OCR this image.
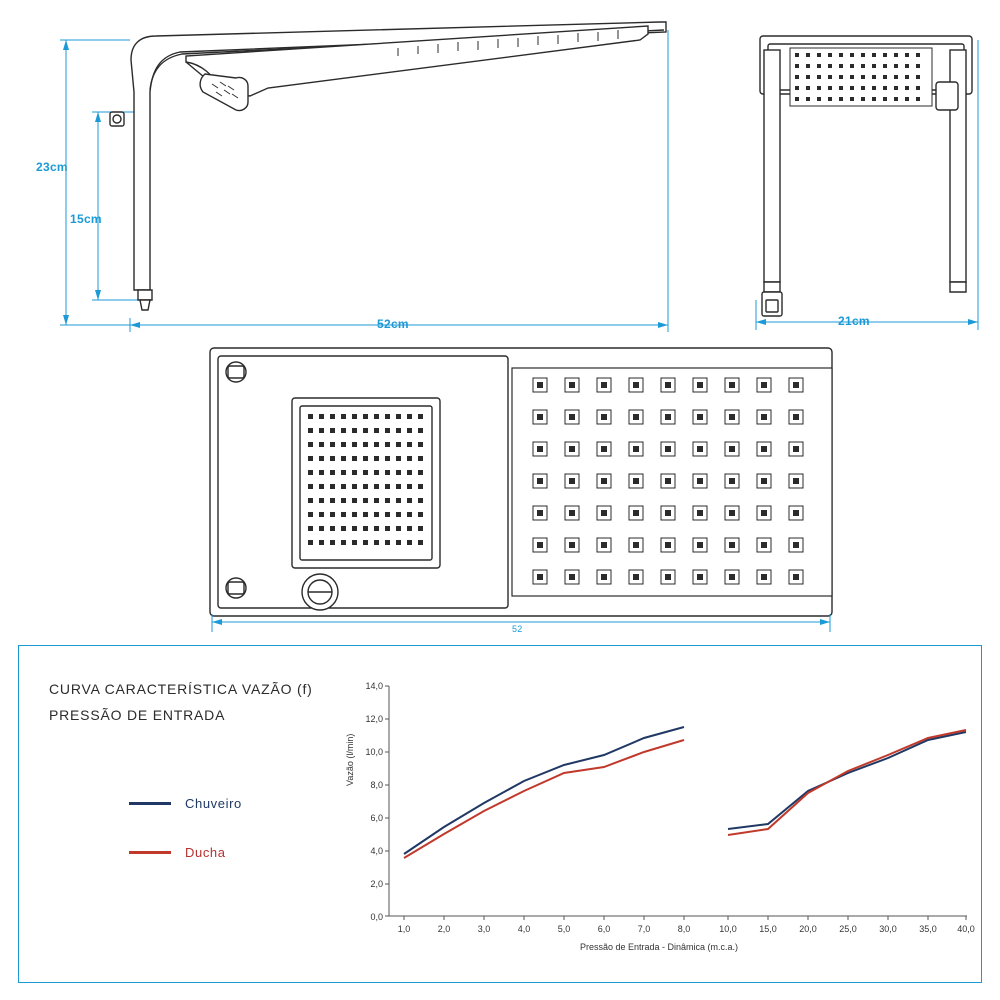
23cm
15cm
52cm	21cm
52
CURVA CARACTERÍSTICA VAZÃO (f)
PRESSÃO DE ENTRADA
Chuveiro
Ducha
Vazão (l/min)
Pressão de Entrada - Dinâmica (m.c.a.)
14,0
12,0
10,0
8,0
6,0
4,0
2,0
0,0
1,0	2,0	3,0	4,0	5,0	6,0	7,0	8,0	10,0 15,0 20,0 25,0 30,0 35,0 40,0
